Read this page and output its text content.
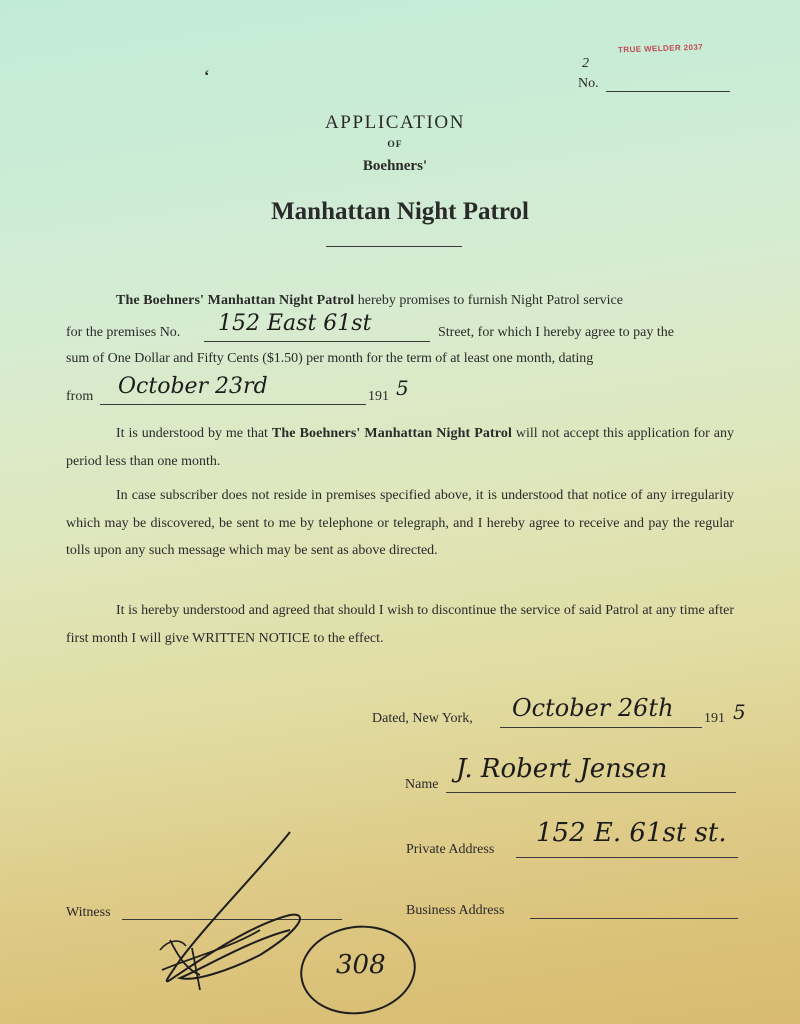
TRUE WELDER 2037
2
No.
‘
APPLICATION
OF
Boehners'
Manhattan Night Patrol
The Boehners' Manhattan Night Patrol hereby promises to furnish Night Patrol service
for the premises No. 152 East 61st	Street, for which I hereby agree to pay the
sum of One Dollar and Fifty Cents ($1.50) per month for the term of at least one month, dating
from October 23rd	191 5

It is understood by me that The Boehners' Manhattan Night Patrol will not accept this application for any period less than one month.

In case subscriber does not reside in premises specified above, it is understood that notice of any irregularity which may be discovered, be sent to me by telephone or telegraph, and I hereby agree to receive and pay the regular tolls upon any such message which may be sent as above directed.

It is hereby understood and agreed that should I wish to discontinue the service of said Patrol at any time after first month I will give WRITTEN NOTICE to the effect.

Dated, New York, October 26th 191 5
Name
J. Robert Jensen
Private Address
152 E. 61st st.
Witness	Business Address
308
